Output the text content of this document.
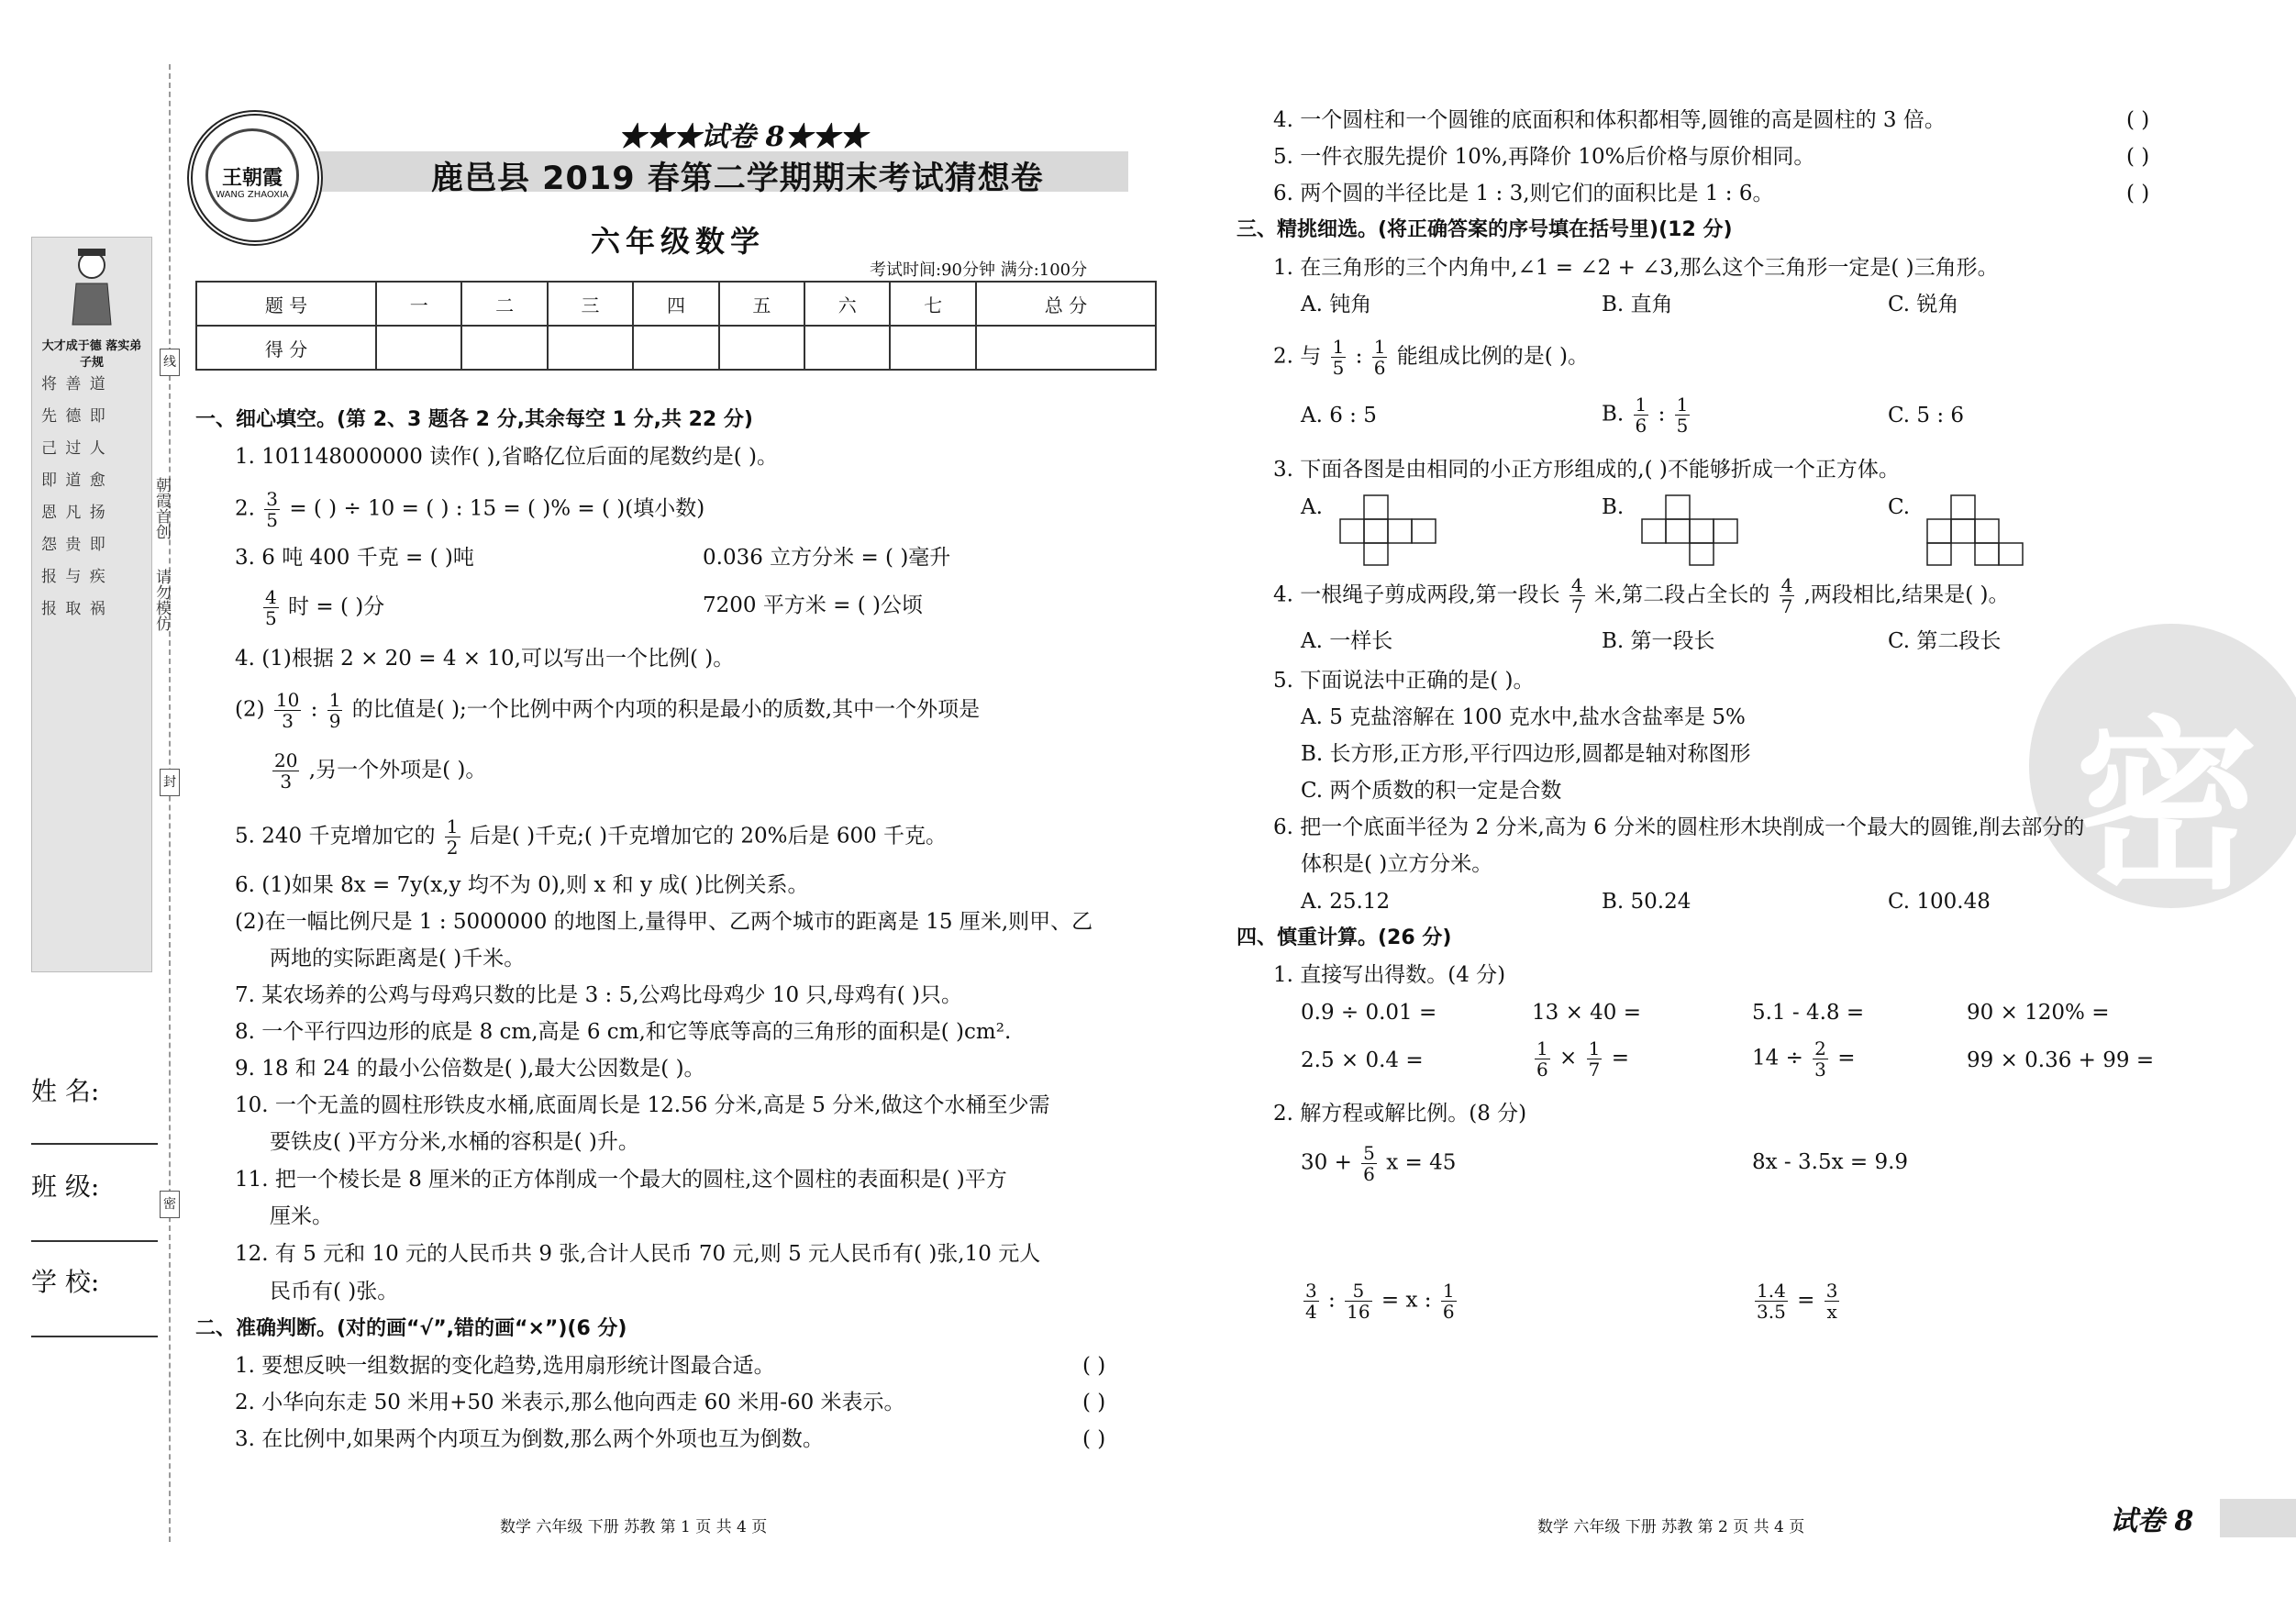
大才成于德 落实弟子规
将 善 道
先 德 即
己 过 人
即 道 愈
恩 凡 扬
怨 贵 即
报 与 疾
报 取 祸
朝霞首创
请勿模仿
线
封
密
姓 名:
班 级:
学 校:
王朝霞
WANG ZHAOXIA
★★★试卷 8★★★
鹿邑县 2019 春第二学期期末考试猜想卷
六年级数学
考试时间:90分钟 满分:100分
题 号	一	二	三	四	五	六	七	总 分
得 分								
一、细心填空。(第 2、3 题各 2 分,其余每空 1 分,共 22 分)
1. 101148000000 读作( ),省略亿位后面的尾数约是( )。
2. $\frac{3}{5}$ = ( ) ÷ 10 = ( ) : 15 = ( )% = ( )(填小数)
3. 6 吨 400 千克 = ( )吨	0.036 立方分米 = ( )毫升
$\frac{4}{5}$ 时 = ( )分	7200 平方米 = ( )公顷
4. (1)根据 2 × 20 = 4 × 10,可以写出一个比例( )。
$(2) \frac{10}{3}$ : $\frac{1}{9}$ 的比值是( );一个比例中两个内项的积是最小的质数,其中一个外项是
$\frac{20}{3}$ ,另一个外项是( )。
5. 240 千克增加它的 $\frac{1}{2}$ 后是( )千克;( )千克增加它的 20%后是 600 千克。
6. (1)如果 8x = 7y(x,y 均不为 0),则 x 和 y 成( )比例关系。
(2)在一幅比例尺是 1 : 5000000 的地图上,量得甲、乙两个城市的距离是 15 厘米,则甲、乙
两地的实际距离是( )千米。
7. 某农场养的公鸡与母鸡只数的比是 3 : 5,公鸡比母鸡少 10 只,母鸡有( )只。
8. 一个平行四边形的底是 8 cm,高是 6 cm,和它等底等高的三角形的面积是( )cm².
9. 18 和 24 的最小公倍数是( ),最大公因数是( )。
10. 一个无盖的圆柱形铁皮水桶,底面周长是 12.56 分米,高是 5 分米,做这个水桶至少需
要铁皮( )平方分米,水桶的容积是( )升。
11. 把一个棱长是 8 厘米的正方体削成一个最大的圆柱,这个圆柱的表面积是( )平方
厘米。
12. 有 5 元和 10 元的人民币共 9 张,合计人民币 70 元,则 5 元人民币有( )张,10 元人
民币有( )张。
二、准确判断。(对的画“√”,错的画“×”)(6 分)
1. 要想反映一组数据的变化趋势,选用扇形统计图最合适。	( )
2. 小华向东走 50 米用+50 米表示,那么他向西走 60 米用-60 米表示。	( )
3. 在比例中,如果两个内项互为倒数,那么两个外项也互为倒数。	( )
数学 六年级 下册 苏教 第 1 页 共 4 页
密
4. 一个圆柱和一个圆锥的底面积和体积都相等,圆锥的高是圆柱的 3 倍。	( )
5. 一件衣服先提价 10%,再降价 10%后价格与原价相同。	( )
6. 两个圆的半径比是 1 : 3,则它们的面积比是 1 : 6。	( )
三、精挑细选。(将正确答案的序号填在括号里)(12 分)
1. 在三角形的三个内角中,∠1 = ∠2 + ∠3,那么这个三角形一定是( )三角形。
A. 钝角	B. 直角	C. 锐角
2. 与 $\frac{1}{5}$ : $\frac{1}{6}$ 能组成比例的是( )。
A. 6 : 5	B. $\frac{1}{6}$ : $\frac{1}{5}$	C. 5 : 6
3. 下面各图是由相同的小正方形组成的,( )不能够折成一个正方体。
A.	B.	C.
4. 一根绳子剪成两段,第一段长 $\frac{4}{7}$ 米,第二段占全长的 $\frac{4}{7}$ ,两段相比,结果是( )。
A. 一样长	B. 第一段长	C. 第二段长
5. 下面说法中正确的是( )。
A. 5 克盐溶解在 100 克水中,盐水含盐率是 5%
B. 长方形,正方形,平行四边形,圆都是轴对称图形
C. 两个质数的积一定是合数
6. 把一个底面半径为 2 分米,高为 6 分米的圆柱形木块削成一个最大的圆锥,削去部分的
体积是( )立方分米。
A. 25.12	B. 50.24	C. 100.48
四、慎重计算。(26 分)
1. 直接写出得数。(4 分)
0.9 ÷ 0.01 =	13 × 40 =	5.1 - 4.8 =	90 × 120% =
2.5 × 0.4 =	$\frac{1}{6} \times \frac{1}{7}$ =	$14 \div \frac{2}{3}$ =	99 × 0.36 + 99 =
2. 解方程或解比例。(8 分)
$30 + \frac{5}{6}$ x = 45	8x - 3.5x = 9.9
$\frac{3}{4}$ : $\frac{5}{16} = x$ : $\frac{1}{6}$	$\frac{1.4}{3.5} = \frac{3}{x}$
数学 六年级 下册 苏教 第 2 页 共 4 页	试卷 8
